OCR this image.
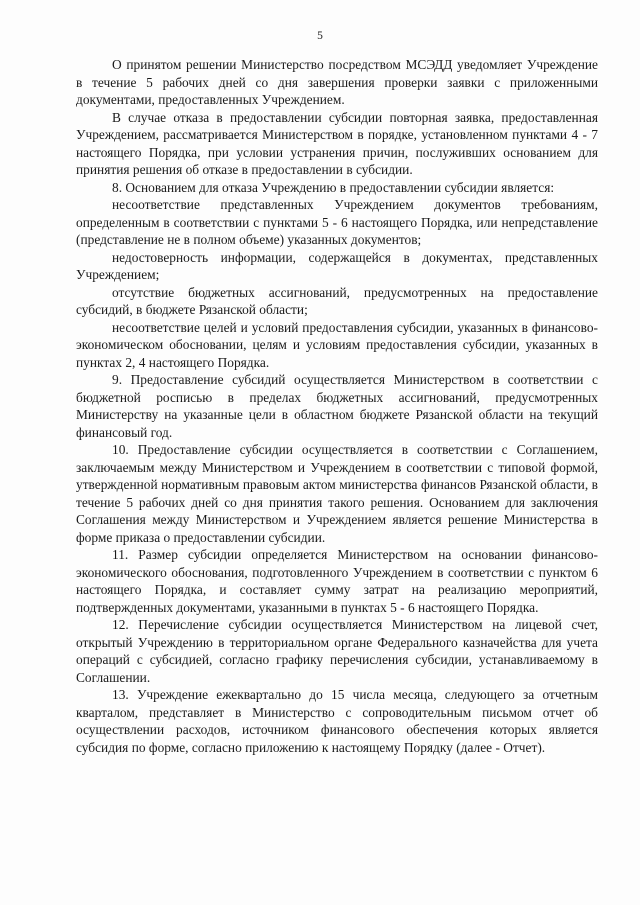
5

О принятом решении Министерство посредством МСЭДД уведомляет Учреждение в течение 5 рабочих дней со дня завершения проверки заявки с приложенными документами, предоставленных Учреждением.

В случае отказа в предоставлении субсидии повторная заявка, предоставленная Учреждением, рассматривается Министерством в порядке, установленном пунктами 4 - 7 настоящего Порядка, при условии устранения причин, послуживших основанием для принятия решения об отказе в предоставлении в субсидии.

8. Основанием для отказа Учреждению в предоставлении субсидии является:

несоответствие представленных Учреждением документов требованиям, определенным в соответствии с пунктами 5 - 6 настоящего Порядка, или непредставление (представление не в полном объеме) указанных документов;

недостоверность информации, содержащейся в документах, представленных Учреждением;

отсутствие бюджетных ассигнований, предусмотренных на предоставление субсидий, в бюджете Рязанской области;

несоответствие целей и условий предоставления субсидии, указанных в финансово-экономическом обосновании, целям и условиям предоставления субсидии, указанных в пунктах 2, 4 настоящего Порядка.

9. Предоставление субсидий осуществляется Министерством в соответствии с бюджетной росписью в пределах бюджетных ассигнований, предусмотренных Министерству на указанные цели в областном бюджете Рязанской области на текущий финансовый год.

10. Предоставление субсидии осуществляется в соответствии с Соглашением, заключаемым между Министерством и Учреждением в соответствии с типовой формой, утвержденной нормативным правовым актом министерства финансов Рязанской области, в течение 5 рабочих дней со дня принятия такого решения. Основанием для заключения Соглашения между Министерством и Учреждением является решение Министерства в форме приказа о предоставлении субсидии.

11. Размер субсидии определяется Министерством на основании финансово-экономического обоснования, подготовленного Учреждением в соответствии с пунктом 6 настоящего Порядка, и составляет сумму затрат на реализацию мероприятий, подтвержденных документами, указанными в пунктах 5 - 6 настоящего Порядка.

12. Перечисление субсидии осуществляется Министерством на лицевой счет, открытый Учреждению в территориальном органе Федерального казначейства для учета операций с субсидией, согласно графику перечисления субсидии, устанавливаемому в Соглашении.

13. Учреждение ежеквартально до 15 числа месяца, следующего за отчетным кварталом, представляет в Министерство с сопроводительным письмом отчет об осуществлении расходов, источником финансового обеспечения которых является субсидия по форме, согласно приложению к настоящему Порядку (далее - Отчет).
